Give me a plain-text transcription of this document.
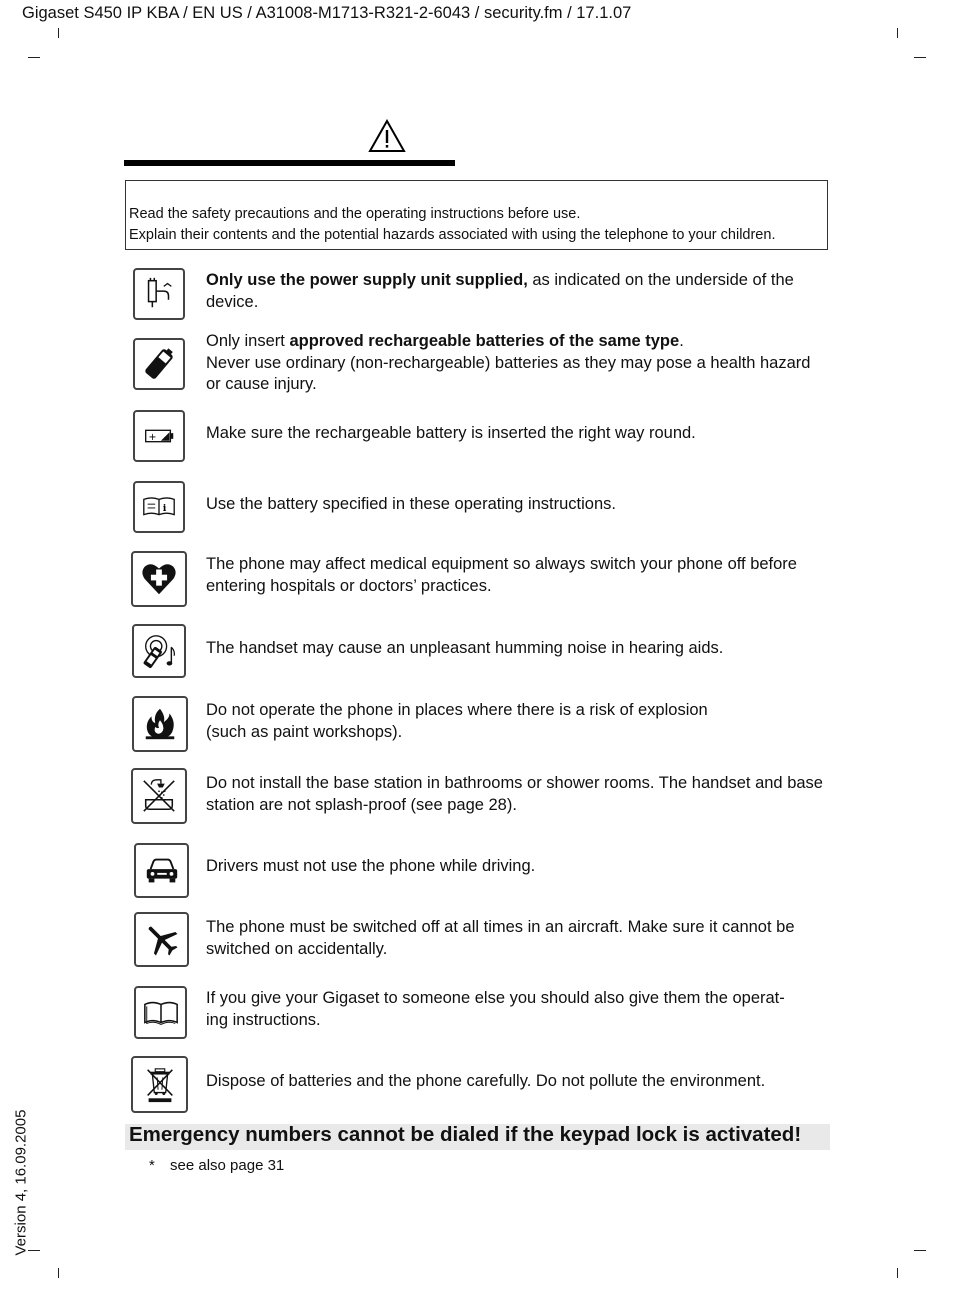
Gigaset S450 IP KBA / EN US / A31008-M1713-R321-2-6043 / security.fm / 17.1.07
Version 4, 16.09.2005
Read the safety precautions and the operating instructions before use.
Explain their contents and the potential hazards associated with using the telephone to your children.
Only use the power supply unit supplied, as indicated on the underside of the device.
Only insert approved rechargeable batteries of the same type.
Never use ordinary (non-rechargeable) batteries as they may pose a health hazard or cause injury.
+	Make sure the rechargeable battery is inserted the right way round.
i Use the battery specified in these operating instructions.
The phone may affect medical equipment so always switch your phone off before entering hospitals or doctors’ practices.
The handset may cause an unpleasant humming noise in hearing aids.
Do not operate the phone in places where there is a risk of explosion
(such as paint workshops).
Do not install the base station in bathrooms or shower rooms. The handset and base station are not splash-proof (see page 28).
Drivers must not use the phone while driving.
The phone must be switched off at all times in an aircraft. Make sure it cannot be switched on accidentally.
If you give your Gigaset to someone else you should also give them the operat-
ing instructions.
Dispose of batteries and the phone carefully. Do not pollute the environment.
Emergency numbers cannot be dialed if the keypad lock is activated!
* see also page 31
